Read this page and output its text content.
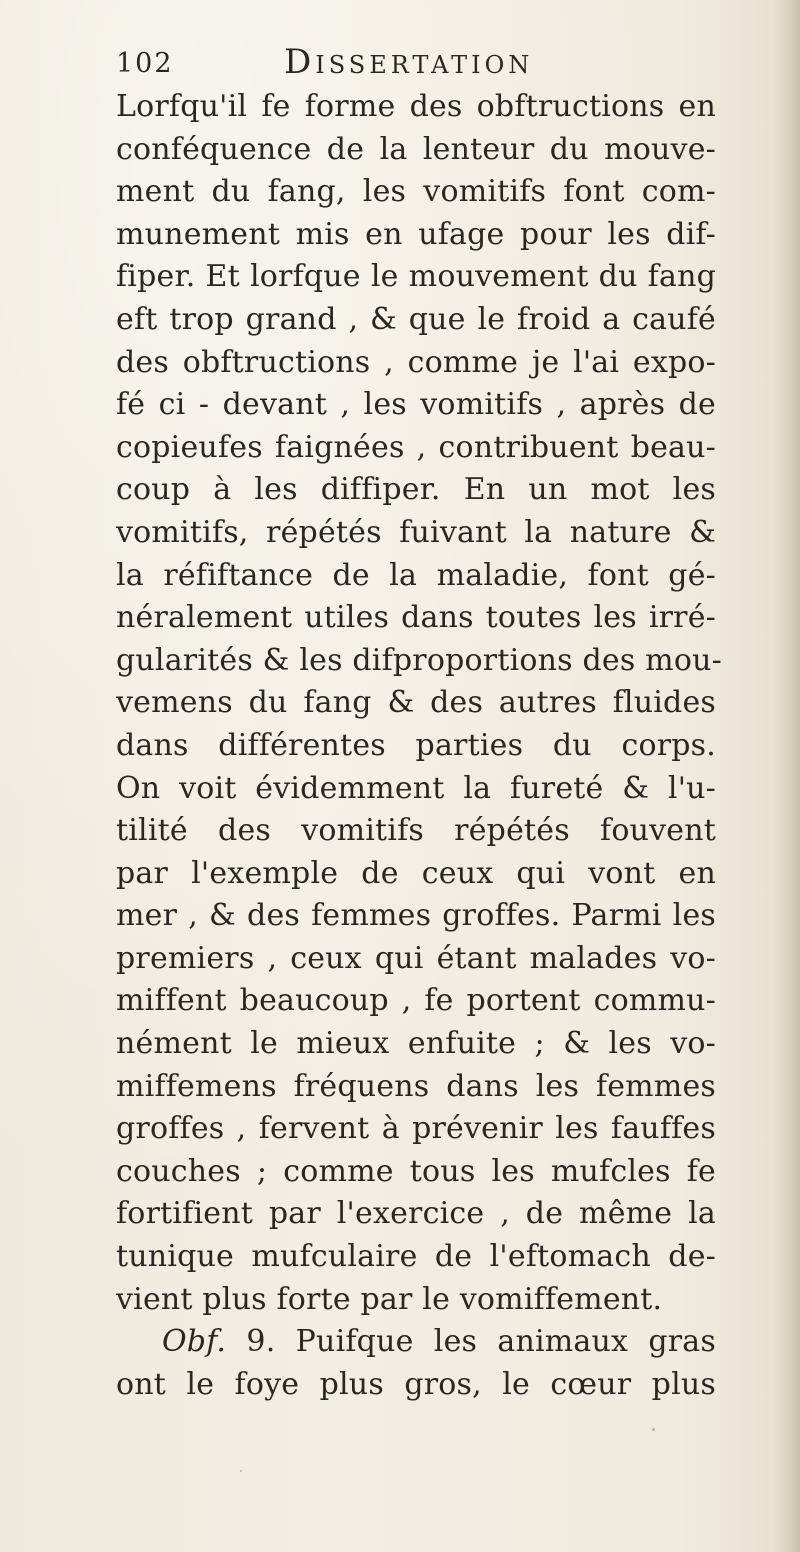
102	Dissertation
Lorfqu'il fe forme des obftructions en
conféquence de la lenteur du mouve-
ment du fang, les vomitifs font com-
munement mis en ufage pour les dif-
fiper. Et lorfque le mouvement du fang
eft trop grand , & que le froid a caufé
des obftructions , comme je l'ai expo-
fé ci - devant , les vomitifs , après de
copieufes faignées , contribuent beau-
coup à les diffiper. En un mot les
vomitifs, répétés fuivant la nature &
la réfiftance de la maladie, font gé-
néralement utiles dans toutes les irré-
gularités & les difproportions des mou-
vemens du fang & des autres fluides
dans différentes parties du corps.
On voit évidemment la fureté & l'u-
tilité des vomitifs répétés fouvent
par l'exemple de ceux qui vont en
mer , & des femmes groffes. Parmi les
premiers , ceux qui étant malades vo-
miffent beaucoup , fe portent commu-
nément le mieux enfuite ; & les vo-
miffemens fréquens dans les femmes
groffes , fervent à prévenir les fauffes
couches ; comme tous les mufcles fe
fortifient par l'exercice , de même la
tunique mufculaire de l'eftomach de-
vient plus forte par le vomiffement.
Obf. 9. Puifque les animaux gras
ont le foye plus gros, le cœur plus
